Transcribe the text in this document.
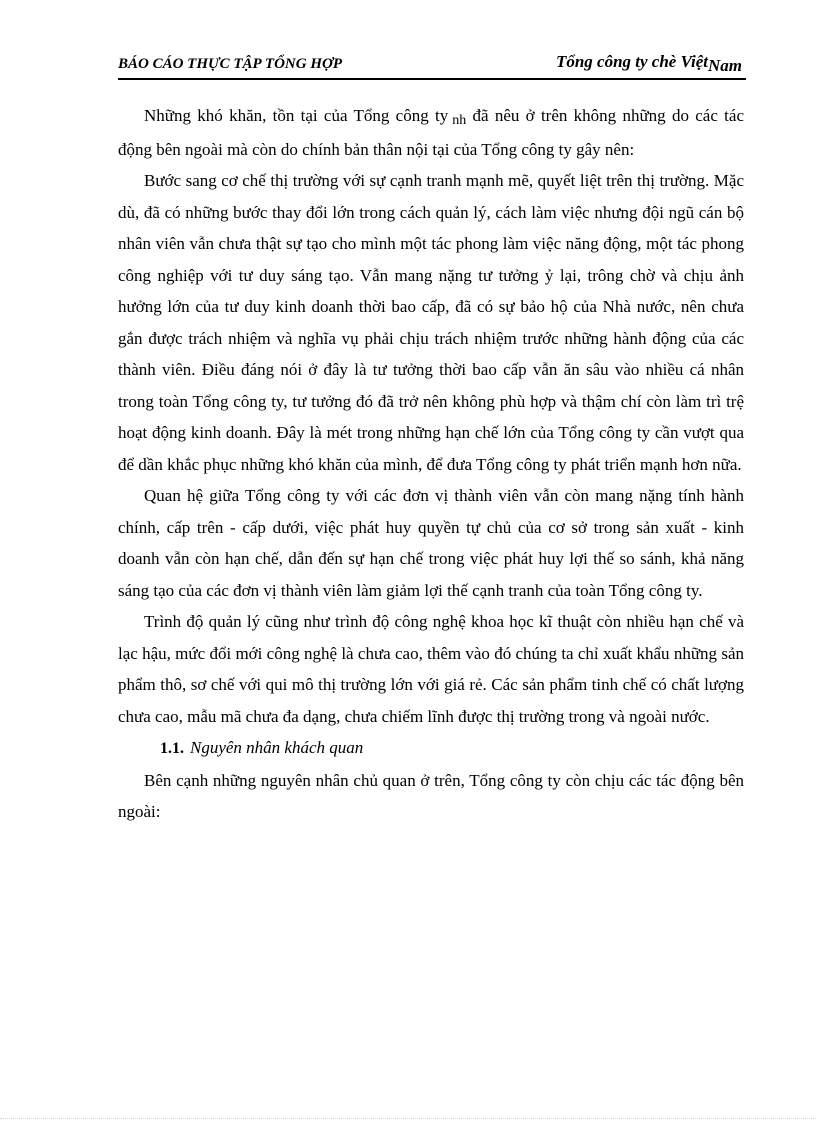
BÁO CÁO THỰC TẬP TỔNG HỢP	Tổng công ty chè ViệtNam

Những khó khăn, tồn tại của Tổng công ty nh đã nêu ở trên không những do các tác động bên ngoài mà còn do chính bản thân nội tại của Tổng công ty gây nên:

Bước sang cơ chế thị trường với sự cạnh tranh mạnh mẽ, quyết liệt trên thị trường. Mặc dù, đã có những bước thay đổi lớn trong cách quản lý, cách làm việc nhưng đội ngũ cán bộ nhân viên vẫn chưa thật sự tạo cho mình một tác phong làm việc năng động, một tác phong công nghiệp với tư duy sáng tạo. Vẫn mang nặng tư tưởng ỷ lại, trông chờ và chịu ảnh hưởng lớn của tư duy kinh doanh thời bao cấp, đã có sự bảo hộ của Nhà nước, nên chưa gắn được trách nhiệm và nghĩa vụ phải chịu trách nhiệm trước những hành động của các thành viên. Điều đáng nói ở đây là tư tưởng thời bao cấp vẫn ăn sâu vào nhiều cá nhân trong toàn Tổng công ty, tư tưởng đó đã trở nên không phù hợp và thậm chí còn làm trì trệ hoạt động kinh doanh. Đây là mét trong những hạn chế lớn của Tổng công ty cần vượt qua để dần khắc phục những khó khăn của mình, để đưa Tổng công ty phát triển mạnh hơn nữa.

Quan hệ giữa Tổng công ty với các đơn vị thành viên vẫn còn mang nặng tính hành chính, cấp trên - cấp dưới, việc phát huy quyền tự chủ của cơ sở trong sản xuất - kinh doanh vẫn còn hạn chế, dẫn đến sự hạn chế trong việc phát huy lợi thế so sánh, khả năng sáng tạo của các đơn vị thành viên làm giảm lợi thế cạnh tranh của toàn Tổng công ty.

Trình độ quản lý cũng như trình độ công nghệ khoa học kĩ thuật còn nhiều hạn chế và lạc hậu, mức đổi mới công nghệ là chưa cao, thêm vào đó chúng ta chỉ xuất khẩu những sản phẩm thô, sơ chế với qui mô thị trường lớn với giá rẻ. Các sản phẩm tinh chế có chất lượng chưa cao, mẫu mã chưa đa dạng, chưa chiếm lĩnh được thị trường trong và ngoài nước.

1.1. Nguyên nhân khách quan

Bên cạnh những nguyên nhân chủ quan ở trên, Tổng công ty còn chịu các tác động bên ngoài:
